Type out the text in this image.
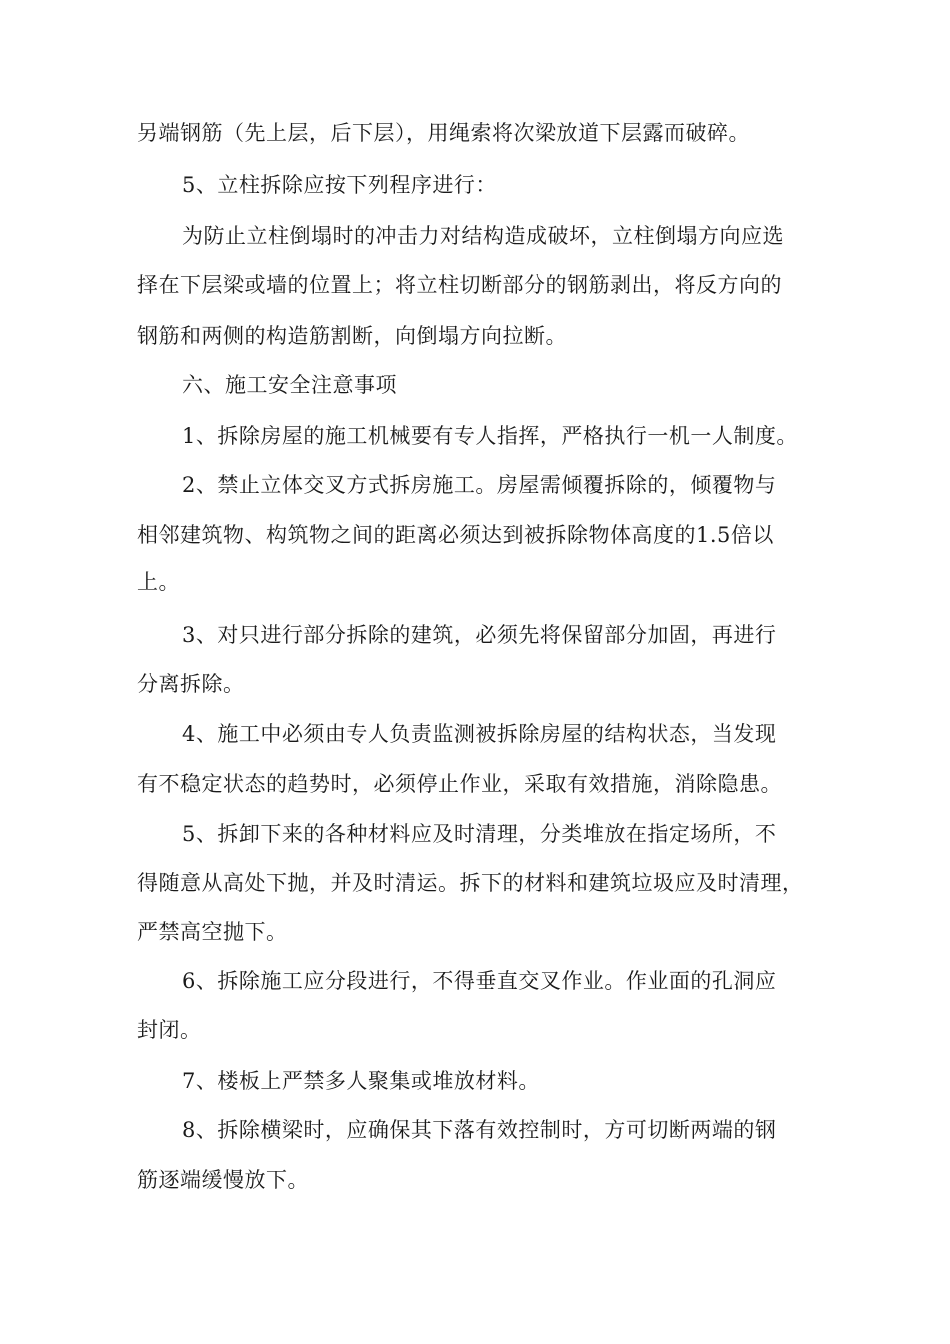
另端钢筋（先上层，后下层），用绳索将次梁放道下层露而破碎。
5、立柱拆除应按下列程序进行：
为防止立柱倒塌时的冲击力对结构造成破坏，立柱倒塌方向应选
择在下层梁或墙的位置上；将立柱切断部分的钢筋剥出，将反方向的
钢筋和两侧的构造筋割断，向倒塌方向拉断。
六、施工安全注意事项
1、拆除房屋的施工机械要有专人指挥，严格执行一机一人制度。
2、禁止立体交叉方式拆房施工。房屋需倾覆拆除的，倾覆物与
相邻建筑物、构筑物之间的距离必须达到被拆除物体高度的1.5倍以
上。
3、对只进行部分拆除的建筑，必须先将保留部分加固，再进行
分离拆除。
4、施工中必须由专人负责监测被拆除房屋的结构状态，当发现
有不稳定状态的趋势时，必须停止作业，采取有效措施，消除隐患。
5、拆卸下来的各种材料应及时清理，分类堆放在指定场所，不
得随意从高处下抛，并及时清运。拆下的材料和建筑垃圾应及时清理，
严禁高空抛下。
6、拆除施工应分段进行，不得垂直交叉作业。作业面的孔洞应
封闭。
7、楼板上严禁多人聚集或堆放材料。
8、拆除横梁时，应确保其下落有效控制时，方可切断两端的钢
筋逐端缓慢放下。
